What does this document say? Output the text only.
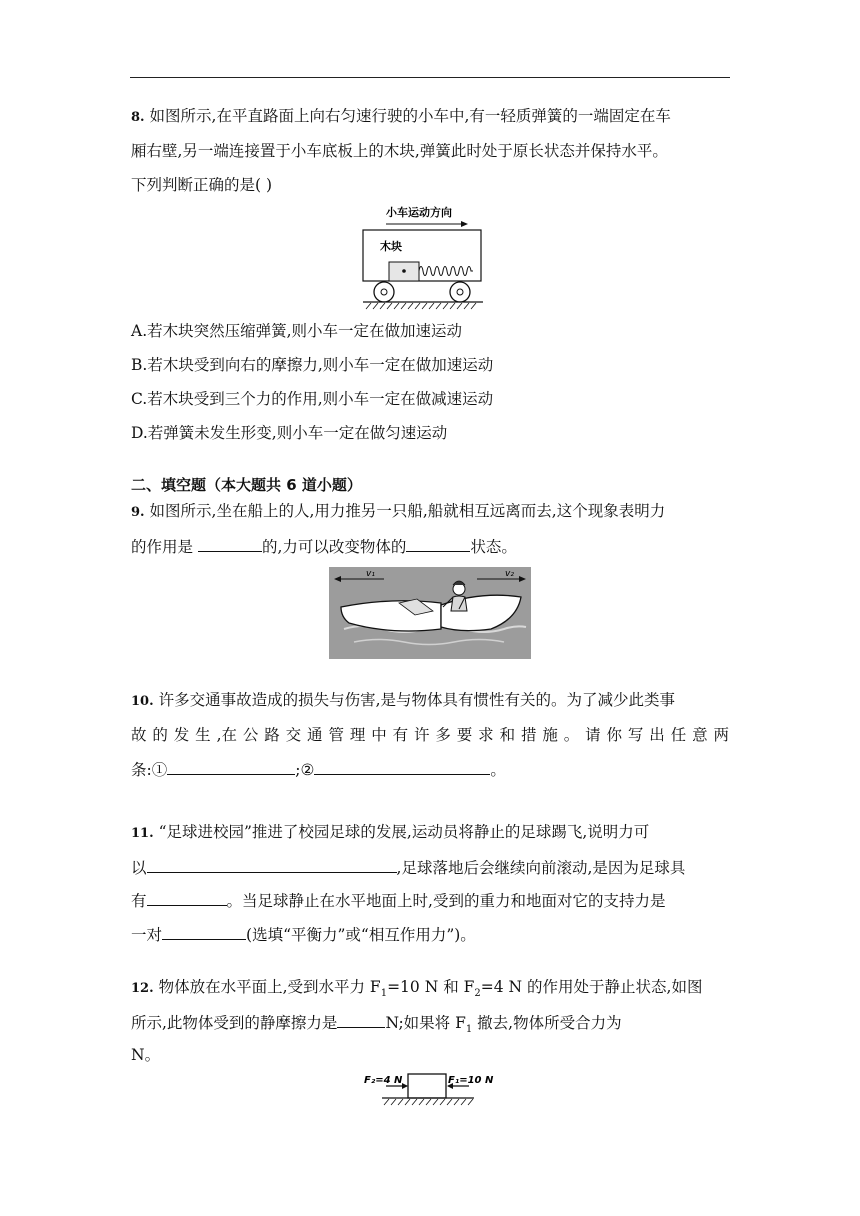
8. 如图所示,在平直路面上向右匀速行驶的小车中,有一轻质弹簧的一端固定在车
厢右壁,另一端连接置于小车底板上的木块,弹簧此时处于原长状态并保持水平。
下列判断正确的是( )
小车运动方向
木块
A.若木块突然压缩弹簧,则小车一定在做加速运动
B.若木块受到向右的摩擦力,则小车一定在做加速运动
C.若木块受到三个力的作用,则小车一定在做减速运动
D.若弹簧未发生形变,则小车一定在做匀速运动
二、填空题（本大题共 6 道小题）
9. 如图所示,坐在船上的人,用力推另一只船,船就相互远离而去,这个现象表明力
的作用是	的,力可以改变物体的	状态。
v₁	v₂
10. 许多交通事故造成的损失与伤害,是与物体具有惯性有关的。为了减少此类事
故 的 发 生 ,在 公 路 交 通 管 理 中 有 许 多 要 求 和 措 施 。 请 你 写 出 任 意 两
条:①	;②	。
11. “足球进校园”推进了校园足球的发展,运动员将静止的足球踢飞,说明力可
以	,足球落地后会继续向前滚动,是因为足球具
有	。当足球静止在水平地面上时,受到的重力和地面对它的支持力是
一对	(选填“平衡力”或“相互作用力”)。
12. 物体放在水平面上,受到水平力 $F_1=10$ N 和 $F_2=4$ N 的作用处于静止状态,如图
所示,此物体受到的静摩擦力是	N;如果将 $F_1$ 撤去,物体所受合力为
N。
F₂=4 N	F₁=10 N
